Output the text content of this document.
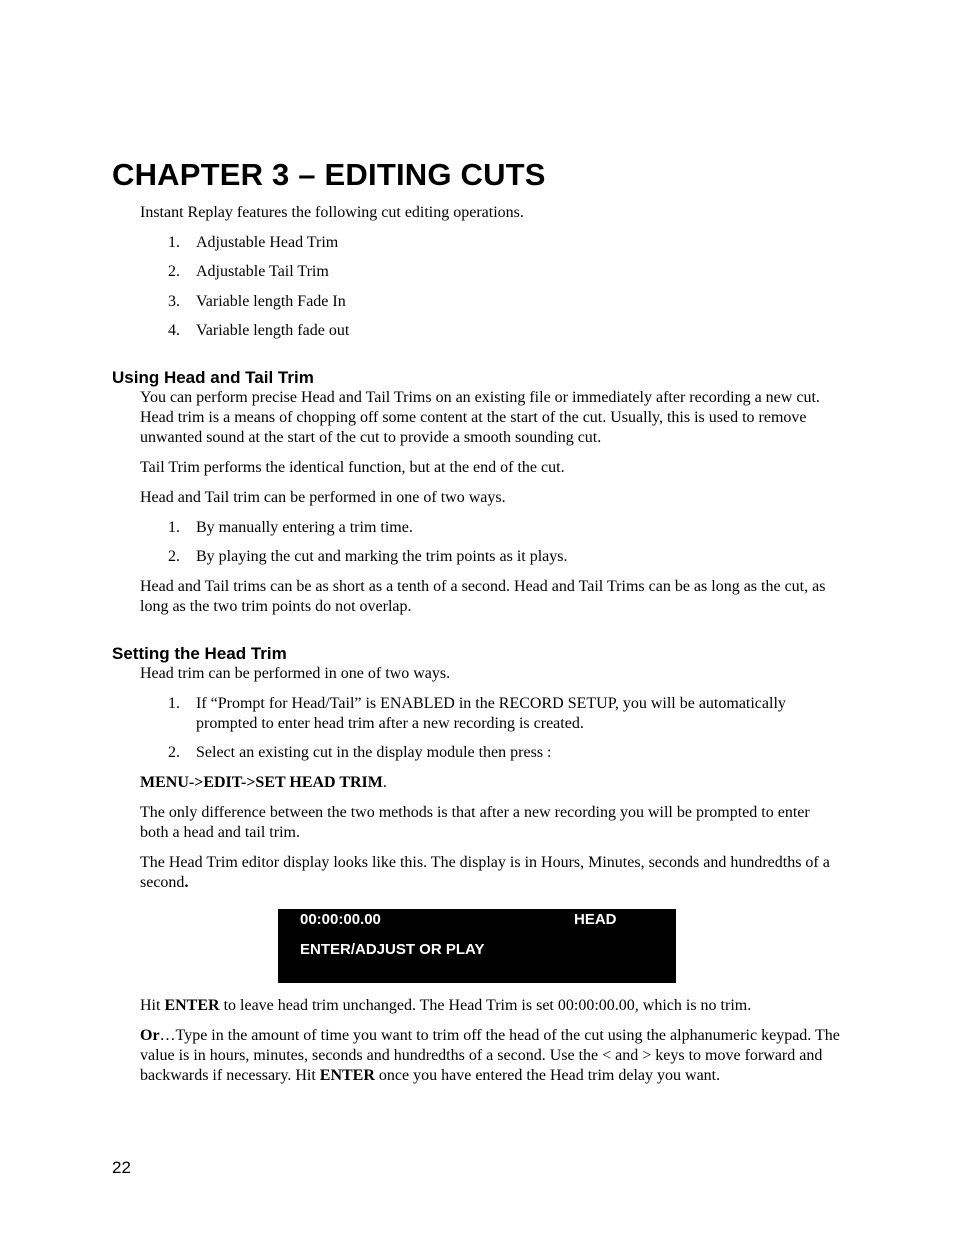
CHAPTER 3 – EDITING CUTS

Instant Replay features the following cut editing operations.

1.	Adjustable Head Trim
2.	Adjustable Tail Trim
3.	Variable length Fade In
4.	Variable length fade out
Using Head and Tail Trim

You can perform precise Head and Tail Trims on an existing file or immediately after recording a new cut. Head trim is a means of chopping off some content at the start of the cut. Usually, this is used to remove unwanted sound at the start of the cut to provide a smooth sounding cut.

Tail Trim performs the identical function, but at the end of the cut.

Head and Tail trim can be performed in one of two ways.

1.	By manually entering a trim time.
2.	By playing the cut and marking the trim points as it plays.

Head and Tail trims can be as short as a tenth of a second. Head and Tail Trims can be as long as the cut, as long as the two trim points do not overlap.

Setting the Head Trim

Head trim can be performed in one of two ways.

1.	If “Prompt for Head/Tail” is ENABLED in the RECORD SETUP, you will be automatically prompted to enter head trim after a new recording is created.
2.	Select an existing cut in the display module then press :

MENU->EDIT->SET HEAD TRIM.

The only difference between the two methods is that after a new recording you will be prompted to enter both a head and tail trim.

The Head Trim editor display looks like this. The display is in Hours, Minutes, seconds and hundredths of a second.

00:00:00.00	HEAD
ENTER/ADJUST OR PLAY

Hit ENTER to leave head trim unchanged. The Head Trim is set 00:00:00.00, which is no trim.

Or…Type in the amount of time you want to trim off the head of the cut using the alphanumeric keypad. The value is in hours, minutes, seconds and hundredths of a second. Use the < and > keys to move forward and backwards if necessary. Hit ENTER once you have entered the Head trim delay you want.

22
